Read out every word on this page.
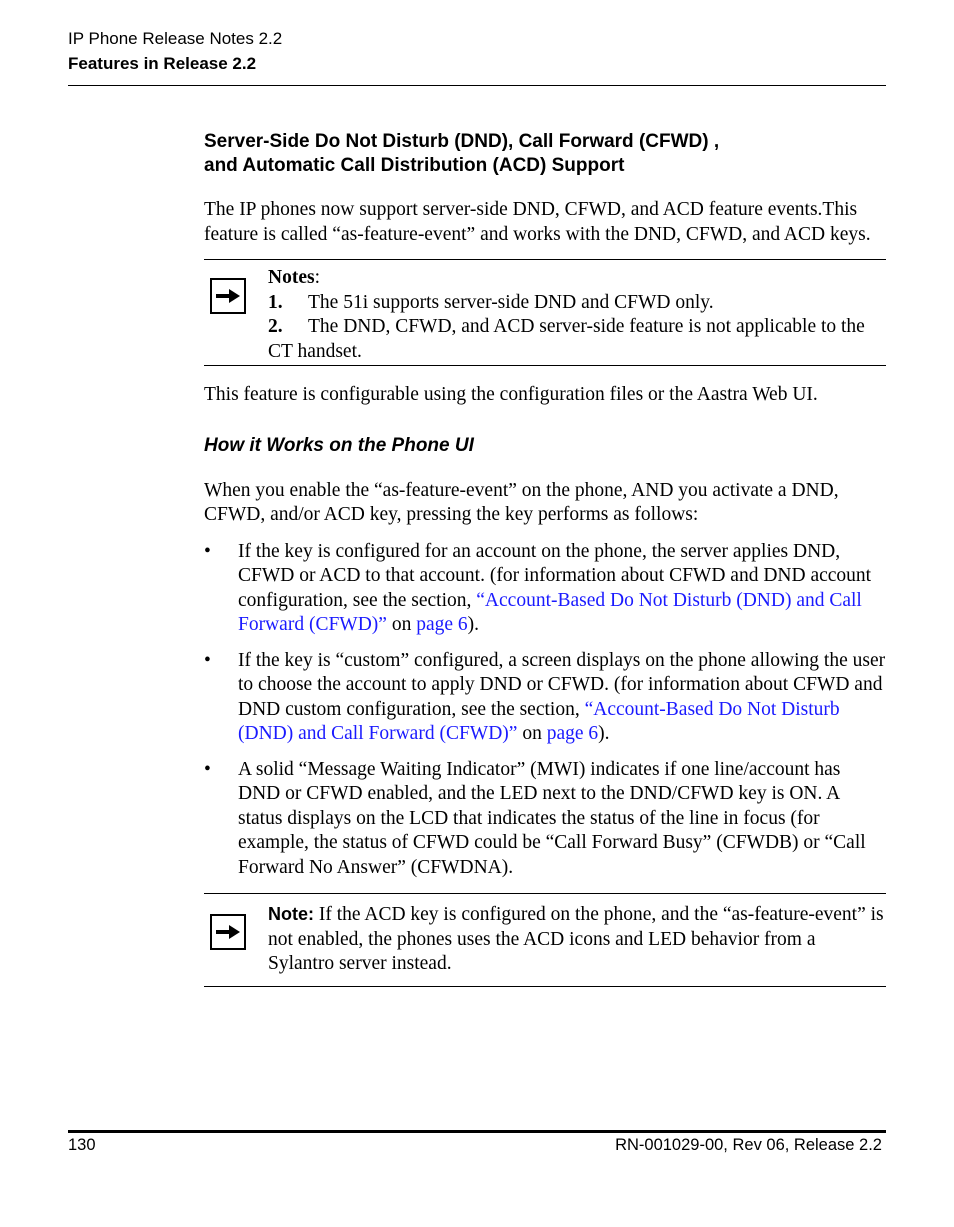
IP Phone Release Notes 2.2
Features in Release 2.2
Server-Side Do Not Disturb (DND), Call Forward (CFWD) ,
and Automatic Call Distribution (ACD) Support

The IP phones now support server-side DND, CFWD, and ACD feature events.This feature is called “as-feature-event” and works with the DND, CFWD, and ACD keys.

Notes:
1. The 51i supports server-side DND and CFWD only.
2. The DND, CFWD, and ACD server-side feature is not applicable to the CT handset.

This feature is configurable using the configuration files or the Aastra Web UI.

How it Works on the Phone UI

When you enable the “as-feature-event” on the phone, AND you activate a DND, CFWD, and/or ACD key, pressing the key performs as follows:

• If the key is configured for an account on the phone, the server applies DND, CFWD or ACD to that account. (for information about CFWD and DND account configuration, see the section, “Account-Based Do Not Disturb (DND) and Call Forward (CFWD)” on page 6).
• If the key is “custom” configured, a screen displays on the phone allowing the user to choose the account to apply DND or CFWD. (for information about CFWD and DND custom configuration, see the section, “Account-Based Do Not Disturb (DND) and Call Forward (CFWD)” on page 6).
• A solid “Message Waiting Indicator” (MWI) indicates if one line/account has DND or CFWD enabled, and the LED next to the DND/CFWD key is ON. A status displays on the LCD that indicates the status of the line in focus (for example, the status of CFWD could be “Call Forward Busy” (CFWDB) or “Call Forward No Answer” (CFWDNA).
Note: If the ACD key is configured on the phone, and the “as-feature-event” is not enabled, the phones uses the ACD icons and LED behavior from a Sylantro server instead.
130	RN-001029-00, Rev 06, Release 2.2
